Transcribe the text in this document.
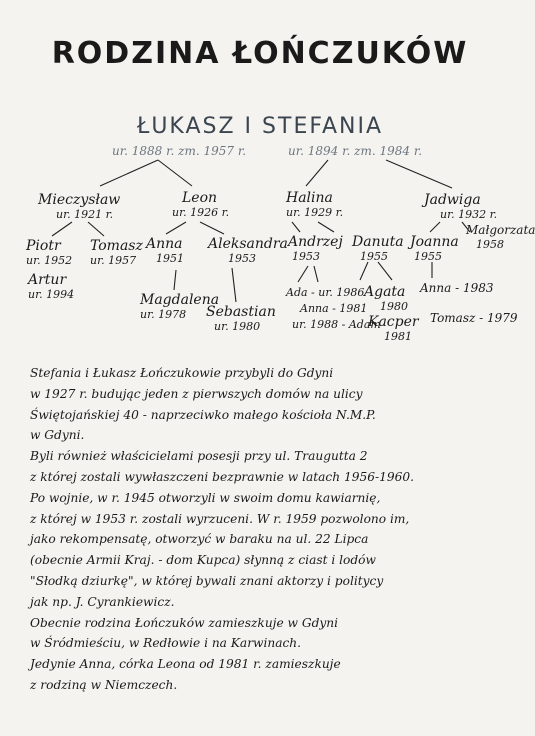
RODZINA ŁOŃCZUKÓW
ŁUKASZ I STEFANIA
ur. 1888 r. zm. 1957 r.	ur. 1894 r. zm. 1984 r.
Mieczysław
ur. 1921 r.
Leon
ur. 1926 r.
Halina
ur. 1929 r.
Jadwiga
ur. 1932 r.
Piotr
ur. 1952
Artur
ur. 1994
Tomasz
ur. 1957
Anna
1951
Aleksandra
1953
Andrzej
1953
Danuta
1955
Joanna
1955
Małgorzata
1958
Magdalena
ur. 1978	Sebastian
ur. 1980
Ada - ur. 1986
Anna - 1981
ur. 1988 - Adam
Agata
1980
Kacper
1981
Anna - 1983
Tomasz - 1979
Stefania i Łukasz Łończukowie przybyli do Gdyni
w 1927 r. budując jeden z pierwszych domów na ulicy
Świętojańskiej 40 - naprzeciwko małego kościoła N.M.P.
w Gdyni.
Byli również właścicielami posesji przy ul. Traugutta 2
z której zostali wywłaszczeni bezprawnie w latach 1956-1960.
Po wojnie, w r. 1945 otworzyli w swoim domu kawiarnię,
z której w 1953 r. zostali wyrzuceni. W r. 1959 pozwolono im,
jako rekompensatę, otworzyć w baraku na ul. 22 Lipca
(obecnie Armii Kraj. - dom Kupca) słynną z ciast i lodów
"Słodką dziurkę", w której bywali znani aktorzy i politycy
jak np. J. Cyrankiewicz.
Obecnie rodzina Łończuków zamieszkuje w Gdyni
w Śródmieściu, w Redłowie i na Karwinach.
Jedynie Anna, córka Leona od 1981 r. zamieszkuje
z rodziną w Niemczech.
